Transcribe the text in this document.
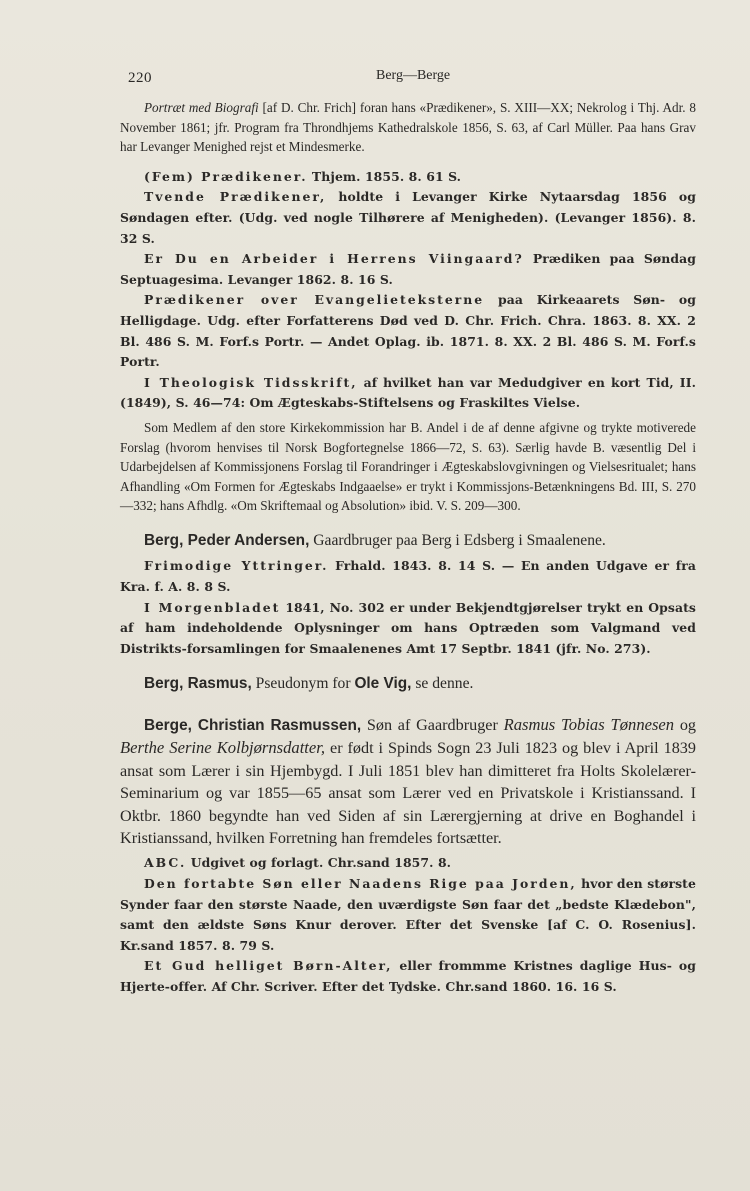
220	Berg—Berge

Portræt med Biografi [af D. Chr. Frich] foran hans «Prædikener», S. XIII—XX; Nekrolog i Thj. Adr. 8 November 1861; jfr. Program fra Throndhjems Kathedralskole 1856, S. 63, af Carl Müller. Paa hans Grav har Levanger Menighed rejst et Mindesmerke.

(Fem) Prædikener. Thjem. 1855. 8. 61 S.

Tvende Prædikener, holdte i Levanger Kirke Nytaarsdag 1856 og Søndagen efter. (Udg. ved nogle Tilhørere af Menigheden). (Levanger 1856). 8. 32 S.

Er Du en Arbeider i Herrens Viingaard? Prædiken paa Søndag Septuagesima. Levanger 1862. 8. 16 S.

Prædikener over Evangelieteksterne paa Kirkeaarets Søn- og Helligdage. Udg. efter Forfatterens Død ved D. Chr. Frich. Chra. 1863. 8. XX. 2 Bl. 486 S. M. Forf.s Portr. — Andet Oplag. ib. 1871. 8. XX. 2 Bl. 486 S. M. Forf.s Portr.

I Theologisk Tidsskrift, af hvilket han var Medudgiver en kort Tid, II. (1849), S. 46—74: Om Ægteskabs-Stiftelsens og Fraskiltes Vielse.

Som Medlem af den store Kirkekommission har B. Andel i de af denne afgivne og trykte motiverede Forslag (hvorom henvises til Norsk Bogfortegnelse 1866—72, S. 63). Særlig havde B. væsentlig Del i Udarbejdelsen af Kommissjonens Forslag til Forandringer i Ægteskabslovgivningen og Vielsesritualet; hans Afhandling «Om Formen for Ægteskabs Indgaaelse» er trykt i Kommissjons-Betænkningens Bd. III, S. 270—332; hans Afhdlg. «Om Skriftemaal og Absolution» ibid. V. S. 209—300.

Berg, Peder Andersen, Gaardbruger paa Berg i Edsberg i Smaalenene.

Frimodige Yttringer. Frhald. 1843. 8. 14 S. — En anden Udgave er fra Kra. f. A. 8. 8 S.

I Morgenbladet 1841, No. 302 er under Bekjendtgjørelser trykt en Opsats af ham indeholdende Oplysninger om hans Optræden som Valgmand ved Distrikts-forsamlingen for Smaalenenes Amt 17 Septbr. 1841 (jfr. No. 273).

Berg, Rasmus, Pseudonym for Ole Vig, se denne.

Berge, Christian Rasmussen, Søn af Gaardbruger Rasmus Tobias Tønnesen og Berthe Serine Kolbjørnsdatter, er født i Spinds Sogn 23 Juli 1823 og blev i April 1839 ansat som Lærer i sin Hjembygd. I Juli 1851 blev han dimitteret fra Holts Skolelærer-Seminarium og var 1855—65 ansat som Lærer ved en Privatskole i Kristianssand. I Oktbr. 1860 begyndte han ved Siden af sin Lærergjerning at drive en Boghandel i Kristianssand, hvilken Forretning han fremdeles fortsætter.

ABC. Udgivet og forlagt. Chr.sand 1857. 8.

Den fortabte Søn eller Naadens Rige paa Jorden, hvor den største Synder faar den største Naade, den uværdigste Søn faar det „bedste Klædebon", samt den ældste Søns Knur derover. Efter det Svenske [af C. O. Rosenius]. Kr.sand 1857. 8. 79 S.

Et Gud helliget Børn-Alter, eller frommme Kristnes daglige Hus- og Hjerte-offer. Af Chr. Scriver. Efter det Tydske. Chr.sand 1860. 16. 16 S.
